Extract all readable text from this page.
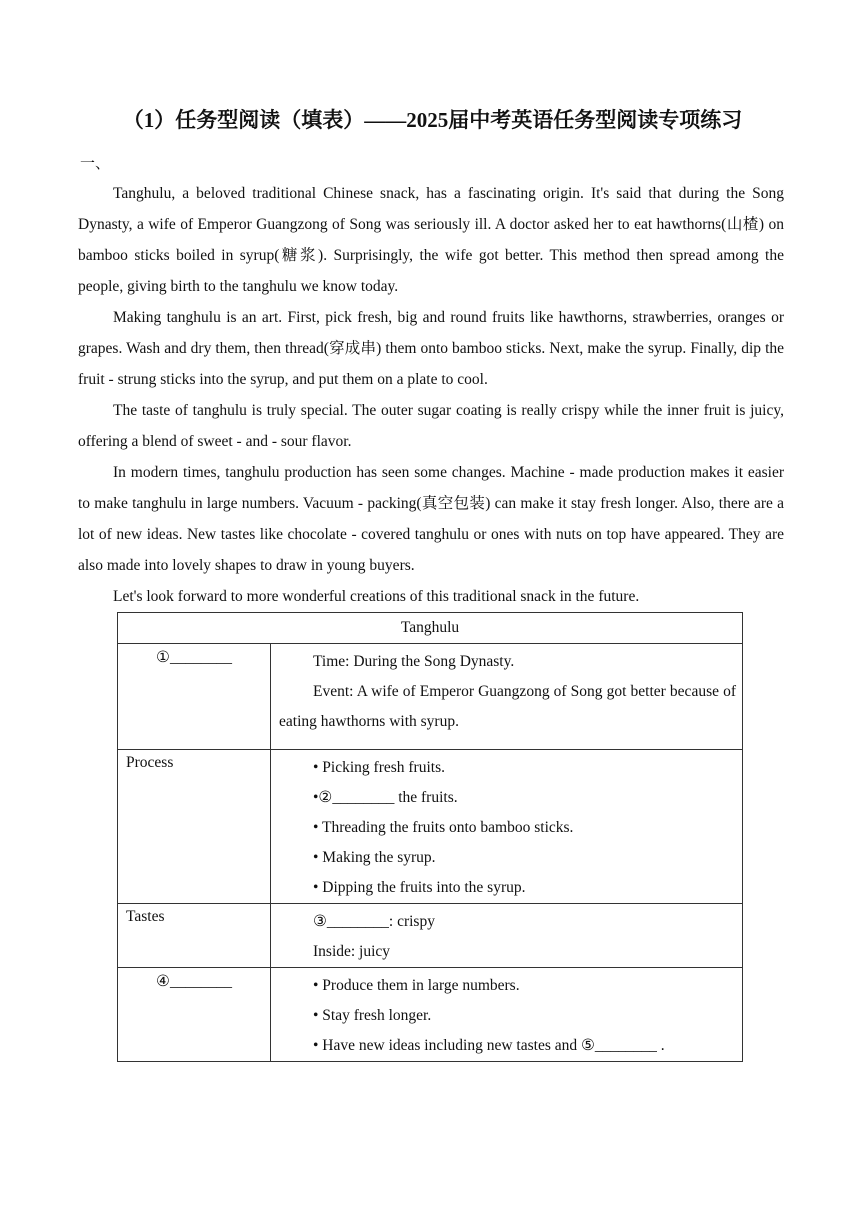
（1）任务型阅读（填表）——2025届中考英语任务型阅读专项练习
一、

Tanghulu, a beloved traditional Chinese snack, has a fascinating origin. It's said that during the Song Dynasty, a wife of Emperor Guangzong of Song was seriously ill. A doctor asked her to eat hawthorns(山楂) on bamboo sticks boiled in syrup(糖浆). Surprisingly, the wife got better. This method then spread among the people, giving birth to the tanghulu we know today.

Making tanghulu is an art. First, pick fresh, big and round fruits like hawthorns, strawberries, oranges or grapes. Wash and dry them, then thread(穿成串) them onto bamboo sticks. Next, make the syrup. Finally, dip the fruit - strung sticks into the syrup, and put them on a plate to cool.

The taste of tanghulu is truly special. The outer sugar coating is really crispy while the inner fruit is juicy, offering a blend of sweet - and - sour flavor.

In modern times, tanghulu production has seen some changes. Machine - made production makes it easier to make tanghulu in large numbers. Vacuum - packing(真空包装) can make it stay fresh longer. Also, there are a lot of new ideas. New tastes like chocolate - covered tanghulu or ones with nuts on top have appeared. They are also made into lovely shapes to draw in young buyers.

Let's look forward to more wonderful creations of this traditional snack in the future.

Tanghulu	
①________	Time: During the Song Dynasty.
Event: A wife of Emperor Guangzong of Song got better because of eating hawthorns with syrup.

Process	• Picking fresh fruits.
•②________ the fruits.
• Threading the fruits onto bamboo sticks.
• Making the syrup.
• Dipping the fruits into the syrup.

Tastes	③________: crispy
Inside: juicy

④________	• Produce them in large numbers.
• Stay fresh longer.
• Have new ideas including new tastes and ⑤________ .
